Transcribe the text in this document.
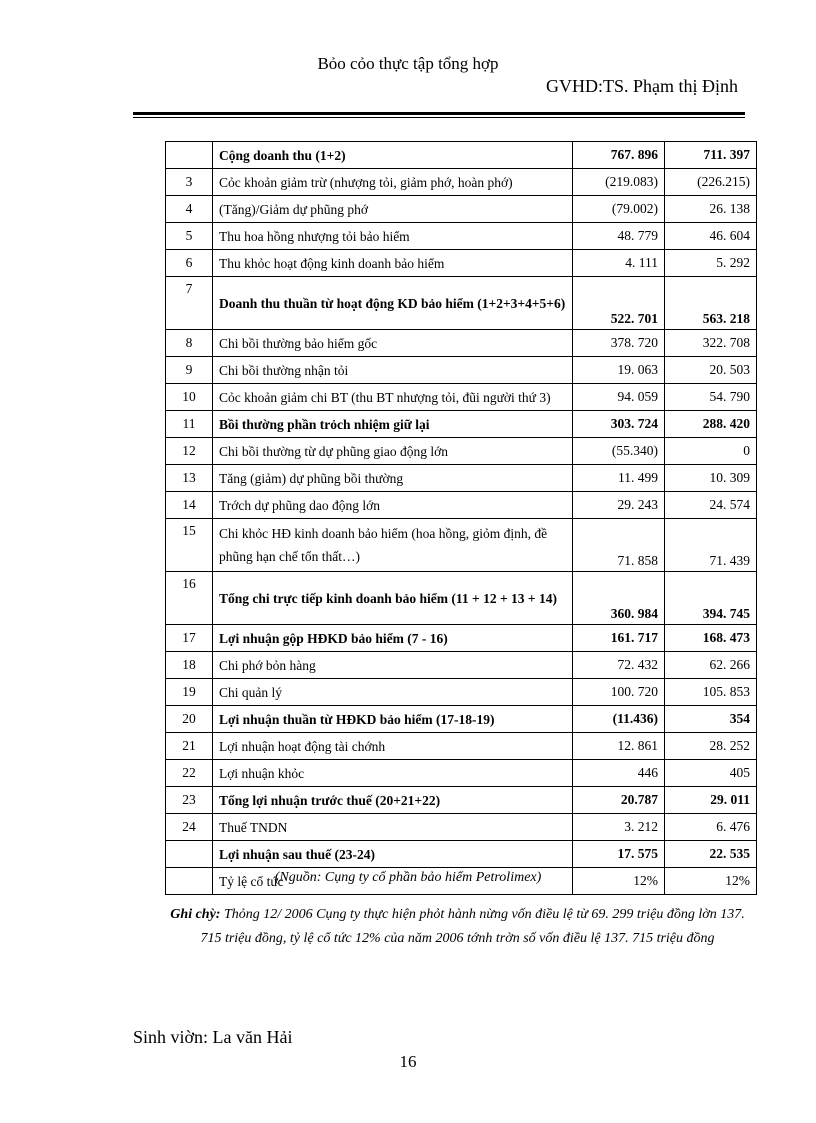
Bỏo cỏo thực tập tổng hợp
GVHD:TS. Phạm thị Định
	Cộng doanh thu (1+2)	767. 896	711. 397
3	Cỏc khoản giảm trừ (nhượng tỏi, giảm phớ, hoàn phớ)	(219.083)	(226.215)
4	(Tăng)/Giảm dự phũng phớ	(79.002)	26. 138
5	Thu hoa hồng nhượng tỏi bảo hiểm	48. 779	46. 604
6	Thu khỏc hoạt động kinh doanh bảo hiểm	4. 111	5. 292
7	Doanh thu thuần từ hoạt động KD bảo hiểm (1+2+3+4+5+6)	522. 701	563. 218
8	Chi bồi thường bảo hiểm gốc	378. 720	322. 708
9	Chi bồi thường nhận tỏi	19. 063	20. 503
10	Cỏc khoản giảm chi BT (thu BT nhượng tỏi, đũi người thứ 3)	94. 059	54. 790
11	Bồi thường phần trỏch nhiệm giữ lại	303. 724	288. 420
12	Chi bồi thường từ dự phũng giao động lớn	(55.340)	0
13	Tăng (giảm) dự phũng bồi thường	11. 499	10. 309
14	Trớch dự phũng dao động lớn	29. 243	24. 574
15	Chi khỏc HĐ kinh doanh bảo hiểm (hoa hồng, giỏm định, đề phũng hạn chế tổn thất…)	71. 858	71. 439
16	Tổng chi trực tiếp kinh doanh bảo hiểm (11 + 12 + 13 + 14)	360. 984	394. 745
17	Lợi nhuận gộp HĐKD bảo hiểm (7 - 16)	161. 717	168. 473
18	Chi phớ bỏn hàng	72. 432	62. 266
19	Chi quản lý	100. 720	105. 853
20	Lợi nhuận thuần từ HĐKD bảo hiểm (17-18-19)	(11.436)	354
21	Lợi nhuận hoạt động tài chớnh	12. 861	28. 252
22	Lợi nhuận khỏc	446	405
23	Tổng lợi nhuận trước thuế (20+21+22)	20.787	29. 011
24	Thuế TNDN	3. 212	6. 476
	Lợi nhuận sau thuế (23-24)	17. 575	22. 535
	Tỷ lệ cổ tức	12%	12%
(Nguồn: Cụng ty cổ phần bảo hiểm Petrolimex)
Ghi chỳ: Thỏng 12/ 2006 Cụng ty thực hiện phỏt hành nừng vốn điều lệ từ 69. 299 triệu đồng lờn 137. 715 triệu đồng, tỷ lệ cổ tức 12% của năm 2006 tớnh trờn số vốn điều lệ 137. 715 triệu đồng
Sinh viờn: La văn Hải
16
